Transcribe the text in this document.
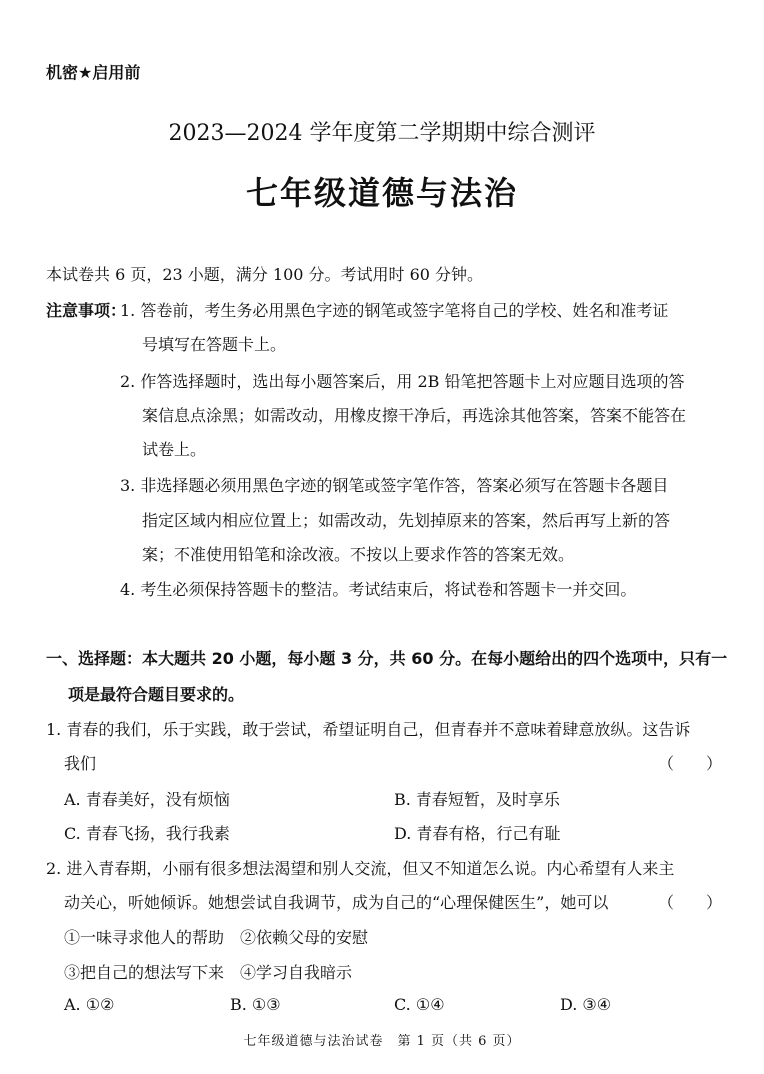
机密★启用前
2023—2024 学年度第二学期期中综合测评
七年级道德与法治
本试卷共 6 页，23 小题，满分 100 分。考试用时 60 分钟。
注意事项：
1. 答卷前，考生务必用黑色字迹的钢笔或签字笔将自己的学校、姓名和准考证
号填写在答题卡上。
2. 作答选择题时，选出每小题答案后，用 2B 铅笔把答题卡上对应题目选项的答
案信息点涂黑；如需改动，用橡皮擦干净后，再选涂其他答案，答案不能答在
试卷上。
3. 非选择题必须用黑色字迹的钢笔或签字笔作答，答案必须写在答题卡各题目
指定区域内相应位置上；如需改动，先划掉原来的答案，然后再写上新的答
案；不准使用铅笔和涂改液。不按以上要求作答的答案无效。
4. 考生必须保持答题卡的整洁。考试结束后，将试卷和答题卡一并交回。
一、选择题：本大题共 20 小题，每小题 3 分，共 60 分。在每小题给出的四个选项中，只有一
项是最符合题目要求的。
1. 青春的我们，乐于实践，敢于尝试，希望证明自己，但青春并不意味着肆意放纵。这告诉
我们	（　　）
A. 青春美好，没有烦恼	B. 青春短暂，及时享乐
C. 青春飞扬，我行我素	D. 青春有格，行己有耻
2. 进入青春期，小丽有很多想法渴望和别人交流，但又不知道怎么说。内心希望有人来主
动关心，听她倾诉。她想尝试自我调节，成为自己的“心理保健医生”，她可以	（　　）
①一味寻求他人的帮助　②依赖父母的安慰
③把自己的想法写下来　④学习自我暗示
A. ①②	B. ①③	C. ①④	D. ③④
七年级道德与法治试卷　第 1 页（共 6 页）
